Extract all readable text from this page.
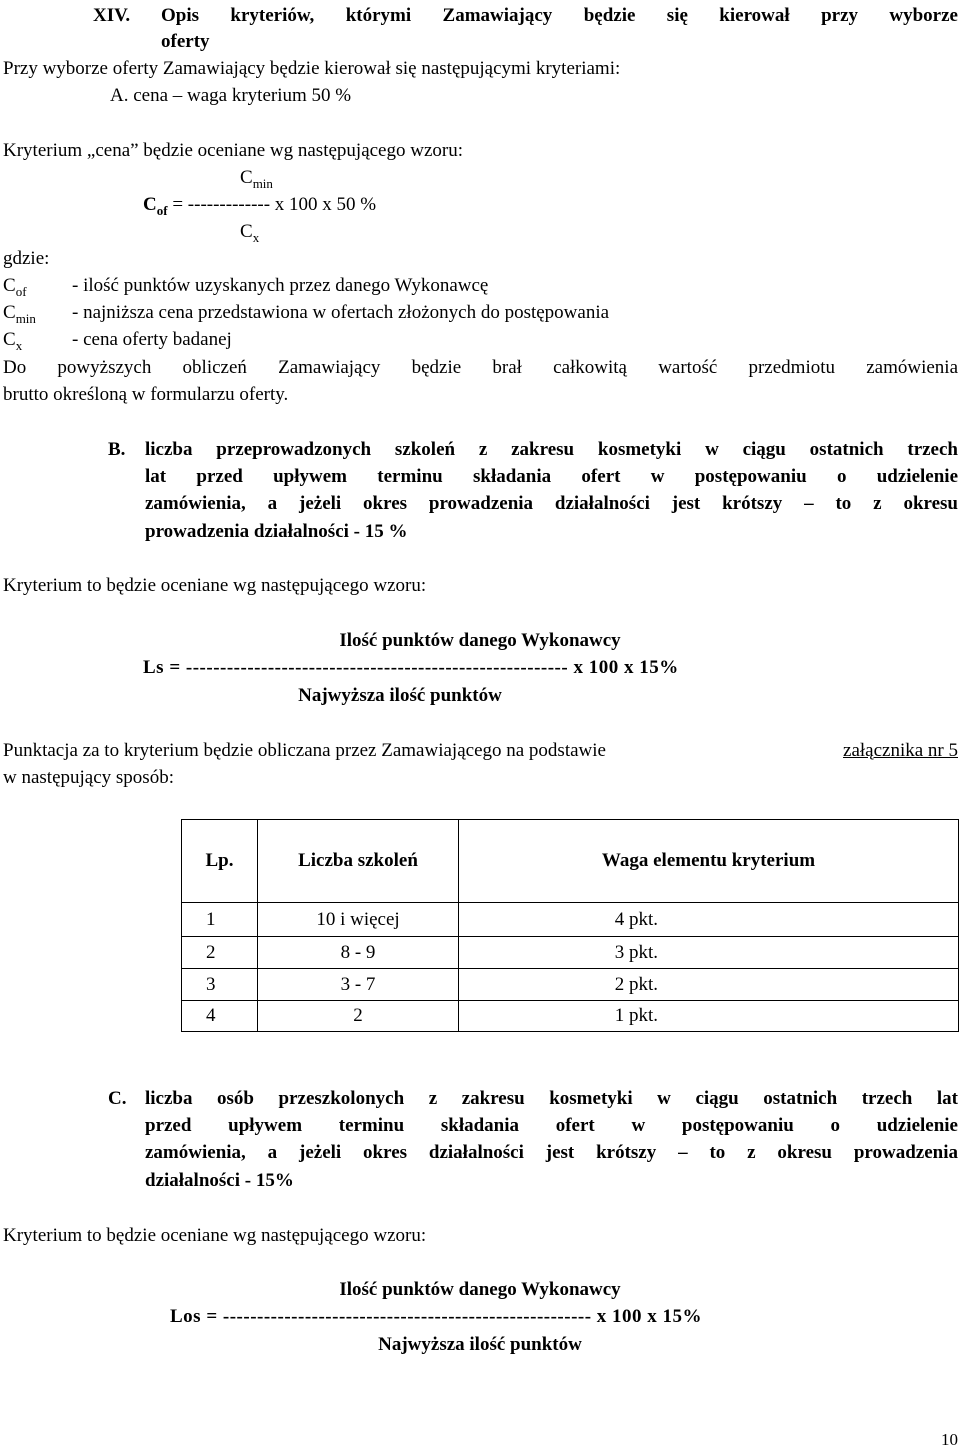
XIV. Opis kryteriów, którymi Zamawiający będzie się kierował przy wyborze
oferty
Przy wyborze oferty Zamawiający będzie kierował się następującymi kryteriami:
A. cena – waga kryterium 50 %
Kryterium „cena” będzie oceniane wg następującego wzoru:
$C_{min}$
$C_{of}$ = ------------- x 100 x 50 %
$C_x$
gdzie:
$C_{of}$ - ilość punktów uzyskanych przez danego Wykonawcę
$C_{min}$ - najniższa cena przedstawiona w ofertach złożonych do postępowania
$C_x$	- cena oferty badanej
Do powyższych obliczeń Zamawiający będzie brał całkowitą wartość przedmiotu zamówienia
brutto określoną w formularzu oferty.
B. liczba przeprowadzonych szkoleń z zakresu kosmetyki w ciągu ostatnich trzech
lat przed upływem terminu składania ofert w postępowaniu o udzielenie
zamówienia, a jeżeli okres prowadzenia działalności jest krótszy – to z okresu
prowadzenia działalności - 15 %
Kryterium to będzie oceniane wg następującego wzoru:
Ilość punktów danego Wykonawcy
Ls = -------------------------------------------------------- x 100 x 15%
Najwyższa ilość punktów
Punktacja za to kryterium będzie obliczana przez Zamawiającego na podstawie	załącznika nr 5
w następujący sposób:
Lp.	Liczba szkoleń	Waga elementu kryterium
1	10 i więcej	4 pkt.
2	8 - 9	3 pkt.
3	3 - 7	2 pkt.
4	2	1 pkt.
C. liczba osób przeszkolonych z zakresu kosmetyki w ciągu ostatnich trzech lat
przed upływem terminu składania ofert w postępowaniu o udzielenie
zamówienia, a jeżeli okres działalności jest krótszy – to z okresu prowadzenia
działalności - 15%
Kryterium to będzie oceniane wg następującego wzoru:
Ilość punktów danego Wykonawcy
Los = ------------------------------------------------------ x 100 x 15%
Najwyższa ilość punktów
10
